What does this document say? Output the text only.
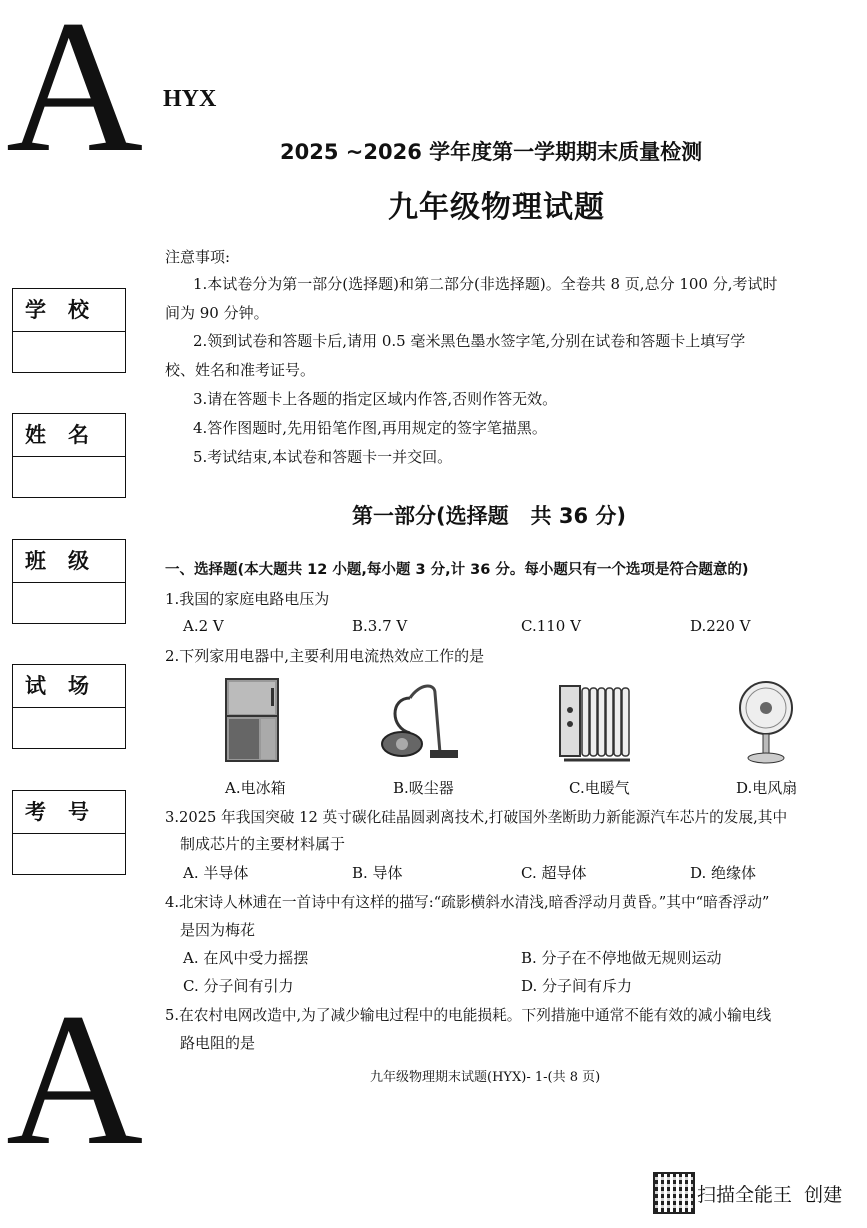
A
A
HYX
2025 ~2026 学年度第一学期期末质量检测
九年级物理试题
注意事项:
1.本试卷分为第一部分(选择题)和第二部分(非选择题)。全卷共 8 页,总分 100 分,考试时
间为 90 分钟。
2.领到试卷和答题卡后,请用 0.5 毫米黑色墨水签字笔,分别在试卷和答题卡上填写学
校、姓名和准考证号。
3.请在答题卡上各题的指定区域内作答,否则作答无效。
4.答作图题时,先用铅笔作图,再用规定的签字笔描黑。
5.考试结束,本试卷和答题卡一并交回。
学校
姓名
班级
试场
考号
第一部分(选择题   共 36 分)
一、选择题(本大题共 12 小题,每小题 3 分,计 36 分。每小题只有一个选项是符合题意的)
1.我国的家庭电路电压为
A.2 V	B.3.7 V	C.110 V	D.220 V
2.下列家用电器中,主要利用电流热效应工作的是
A.电冰箱	B.吸尘器	C.电暖气	D.电风扇
3.2025 年我国突破 12 英寸碳化硅晶圆剥离技术,打破国外垄断助力新能源汽车芯片的发展,其中
制成芯片的主要材料属于
A. 半导体	B. 导体	C. 超导体	D. 绝缘体
4.北宋诗人林逋在一首诗中有这样的描写:“疏影横斜水清浅,暗香浮动月黄昏。”其中“暗香浮动”
是因为梅花
A. 在风中受力摇摆	B. 分子在不停地做无规则运动
C. 分子间有引力	D. 分子间有斥力
5.在农村电网改造中,为了减少输电过程中的电能损耗。下列措施中通常不能有效的减小输电线
路电阻的是
九年级物理期末试题(HYX)- 1-(共 8 页)
扫描全能王  创建
